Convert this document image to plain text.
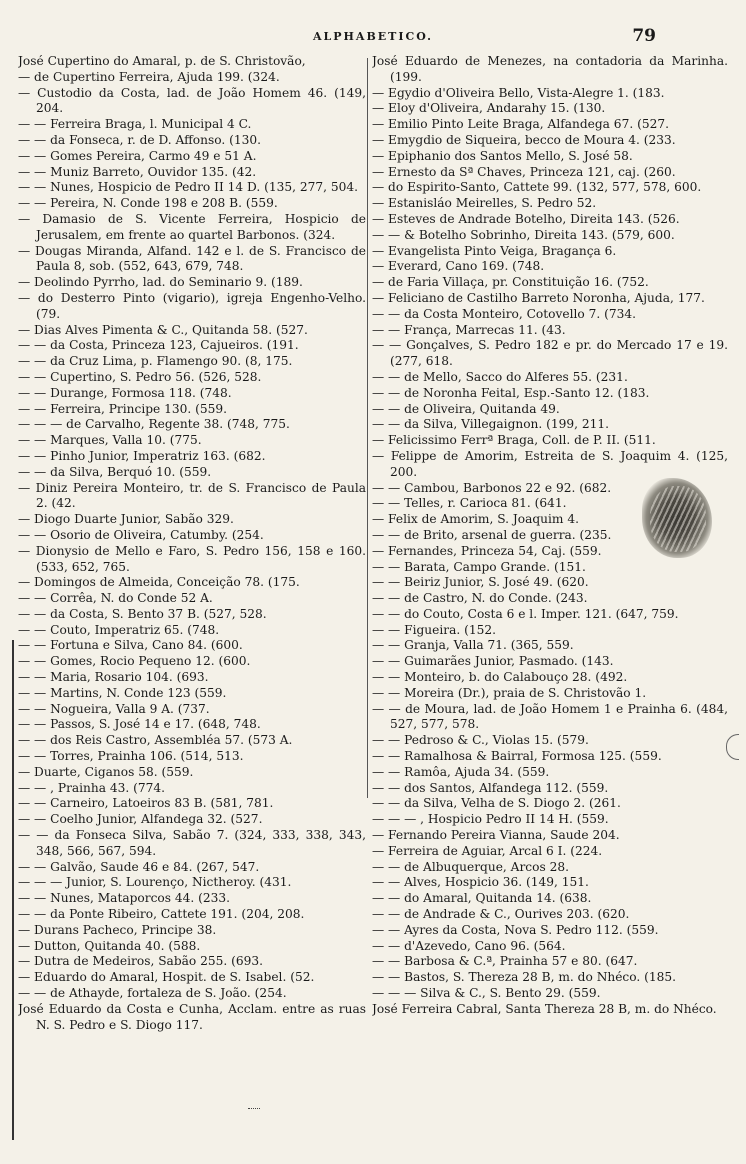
ALPHABETICO.	79

José Cupertino do Amaral, p. de S. Christovão,

— de Cupertino Ferreira, Ajuda 199. (324.

— Custodio da Costa, lad. de João Homem 46. (149, 204.

— — Ferreira Braga, l. Municipal 4 C.

— — da Fonseca, r. de D. Affonso. (130.

— — Gomes Pereira, Carmo 49 e 51 A.

— — Muniz Barreto, Ouvidor 135. (42.

— — Nunes, Hospicio de Pedro II 14 D. (135, 277, 504.

— — Pereira, N. Conde 198 e 208 B. (559.

— Damasio de S. Vicente Ferreira, Hospicio de Jerusalem, em frente ao quartel Barbonos. (324.

— Dougas Miranda, Alfand. 142 e l. de S. Francisco de Paula 8, sob. (552, 643, 679, 748.

— Deolindo Pyrrho, lad. do Seminario 9. (189.

— do Desterro Pinto (vigario), igreja Engenho-Velho. (79.

— Dias Alves Pimenta & C., Quitanda 58. (527.

— — da Costa, Princeza 123, Cajueiros. (191.

— — da Cruz Lima, p. Flamengo 90. (8, 175.

— — Cupertino, S. Pedro 56. (526, 528.

— — Durange, Formosa 118. (748.

— — Ferreira, Principe 130. (559.

— — — de Carvalho, Regente 38. (748, 775.

— — Marques, Valla 10. (775.

— — Pinho Junior, Imperatriz 163. (682.

— — da Silva, Berquó 10. (559.

— Diniz Pereira Monteiro, tr. de S. Francisco de Paula 2. (42.

— Diogo Duarte Junior, Sabão 329.

— — Osorio de Oliveira, Catumby. (254.

— Dionysio de Mello e Faro, S. Pedro 156, 158 e 160. (533, 652, 765.

— Domingos de Almeida, Conceição 78. (175.

— — Corrêa, N. do Conde 52 A.

— — da Costa, S. Bento 37 B. (527, 528.

— — Couto, Imperatriz 65. (748.

— — Fortuna e Silva, Cano 84. (600.

— — Gomes, Rocio Pequeno 12. (600.

— — Maria, Rosario 104. (693.

— — Martins, N. Conde 123 (559.

— — Nogueira, Valla 9 A. (737.

— — Passos, S. José 14 e 17. (648, 748.

— — dos Reis Castro, Assembléa 57. (573 A.

— — Torres, Prainha 106. (514, 513.

— Duarte, Ciganos 58. (559.

— — , Prainha 43. (774.

— — Carneiro, Latoeiros 83 B. (581, 781.

— — Coelho Junior, Alfandega 32. (527.

— — da Fonseca Silva, Sabão 7. (324, 333, 338, 343, 348, 566, 567, 594.

— — Galvão, Saude 46 e 84. (267, 547.

— — — Junior, S. Lourenço, Nictheroy. (431.

— — Nunes, Mataporcos 44. (233.

— — da Ponte Ribeiro, Cattete 191. (204, 208.

— Durans Pacheco, Principe 38.

— Dutton, Quitanda 40. (588.

— Dutra de Medeiros, Sabão 255. (693.

— Eduardo do Amaral, Hospit. de S. Isabel. (52.

— — de Athayde, fortaleza de S. João. (254.

José Eduardo da Costa e Cunha, Acclam. entre as ruas N. S. Pedro e S. Diogo 117.

José Eduardo de Menezes, na contadoria da Marinha. (199.

— Egydio d'Oliveira Bello, Vista-Alegre 1. (183.

— Eloy d'Oliveira, Andarahy 15. (130.

— Emilio Pinto Leite Braga, Alfandega 67. (527.

— Emygdio de Siqueira, becco de Moura 4. (233.

— Epiphanio dos Santos Mello, S. José 58.

— Ernesto da Sª Chaves, Princeza 121, caj. (260.

— do Espirito-Santo, Cattete 99. (132, 577, 578, 600.

— Estanisláo Meirelles, S. Pedro 52.

— Esteves de Andrade Botelho, Direita 143. (526.

— — & Botelho Sobrinho, Direita 143. (579, 600.

— Evangelista Pinto Veiga, Bragança 6.

— Everard, Cano 169. (748.

— de Faria Villaça, pr. Constituição 16. (752.

— Feliciano de Castilho Barreto Noronha, Ajuda, 177.

— — da Costa Monteiro, Cotovello 7. (734.

— — França, Marrecas 11. (43.

— — Gonçalves, S. Pedro 182 e pr. do Mercado 17 e 19. (277, 618.

— — de Mello, Sacco do Alferes 55. (231.

— — de Noronha Feital, Esp.-Santo 12. (183.

— — de Oliveira, Quitanda 49.

— — da Silva, Villegaignon. (199, 211.

— Felicissimo Ferrª Braga, Coll. de P. II. (511.

— Felippe de Amorim, Estreita de S. Joaquim 4. (125, 200.

— — Cambou, Barbonos 22 e 92. (682.

— — Telles, r. Carioca 81. (641.

— Felix de Amorim, S. Joaquim 4.

— — de Brito, arsenal de guerra. (235.

— Fernandes, Princeza 54, Caj. (559.

— — Barata, Campo Grande. (151.

— — Beiriz Junior, S. José 49. (620.

— — de Castro, N. do Conde. (243.

— — do Couto, Costa 6 e l. Imper. 121. (647, 759.

— — Figueira. (152.

— — Granja, Valla 71. (365, 559.

— — Guimarães Junior, Pasmado. (143.

— — Monteiro, b. do Calabouço 28. (492.

— — Moreira (Dr.), praia de S. Christovão 1.

— — de Moura, lad. de João Homem 1 e Prainha 6. (484, 527, 577, 578.

— — Pedroso & C., Violas 15. (579.

— — Ramalhosa & Bairral, Formosa 125. (559.

— — Ramôa, Ajuda 34. (559.

— — dos Santos, Alfandega 112. (559.

— — da Silva, Velha de S. Diogo 2. (261.

— — — , Hospicio Pedro II 14 H. (559.

— Fernando Pereira Vianna, Saude 204.

— Ferreira de Aguiar, Arcal 6 I. (224.

— — de Albuquerque, Arcos 28.

— — Alves, Hospicio 36. (149, 151.

— — do Amaral, Quitanda 14. (638.

— — de Andrade & C., Ourives 203. (620.

— — Ayres da Costa, Nova S. Pedro 112. (559.

— — d'Azevedo, Cano 96. (564.

— — Barbosa & C.ª, Prainha 57 e 80. (647.

— — Bastos, S. Thereza 28 B, m. do Nhéco. (185.

— — — Silva & C., S. Bento 29. (559.

José Ferreira Cabral, Santa Thereza 28 B, m. do Nhéco.
